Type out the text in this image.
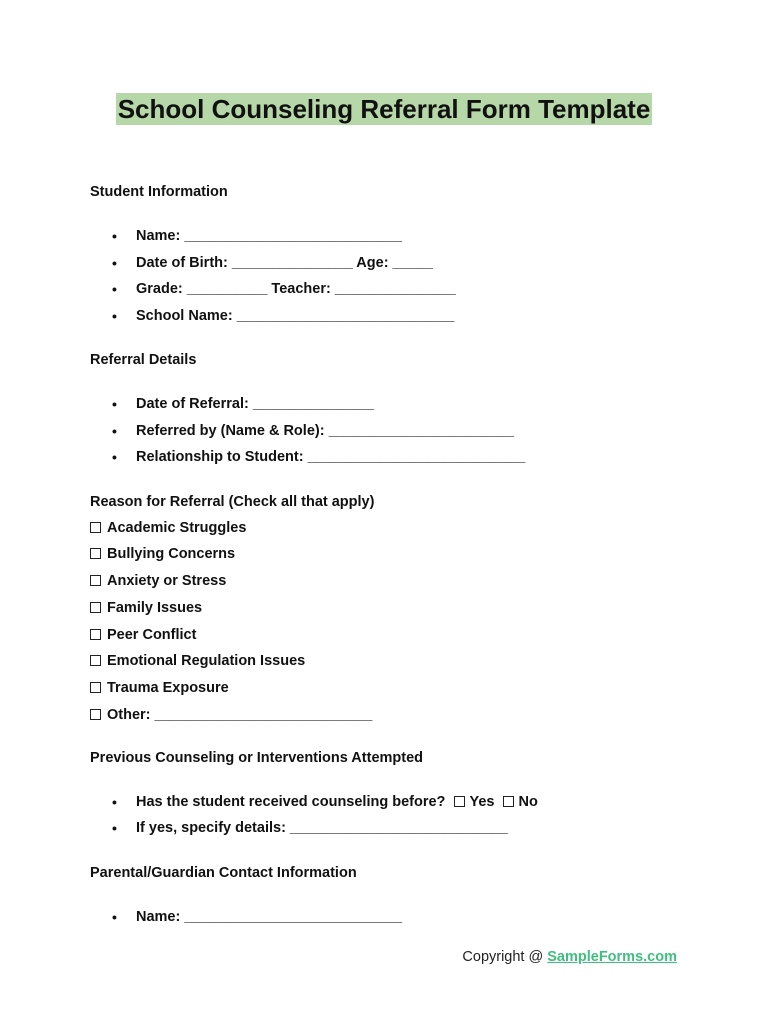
School Counseling Referral Form Template
Student Information
• Name: ___________________________
• Date of Birth: _______________ Age: _____
• Grade: __________ Teacher: _______________
• School Name: ___________________________
Referral Details
• Date of Referral: _______________
• Referred by (Name & Role): _______________________
• Relationship to Student: ___________________________
Reason for Referral (Check all that apply)
Academic Struggles
Bullying Concerns
Anxiety or Stress
Family Issues
Peer Conflict
Emotional Regulation Issues
Trauma Exposure
Other: ___________________________
Previous Counseling or Interventions Attempted
• Has the student received counseling before? Yes No
• If yes, specify details: ___________________________
Parental/Guardian Contact Information
• Name: ___________________________
Copyright @ SampleForms.com
